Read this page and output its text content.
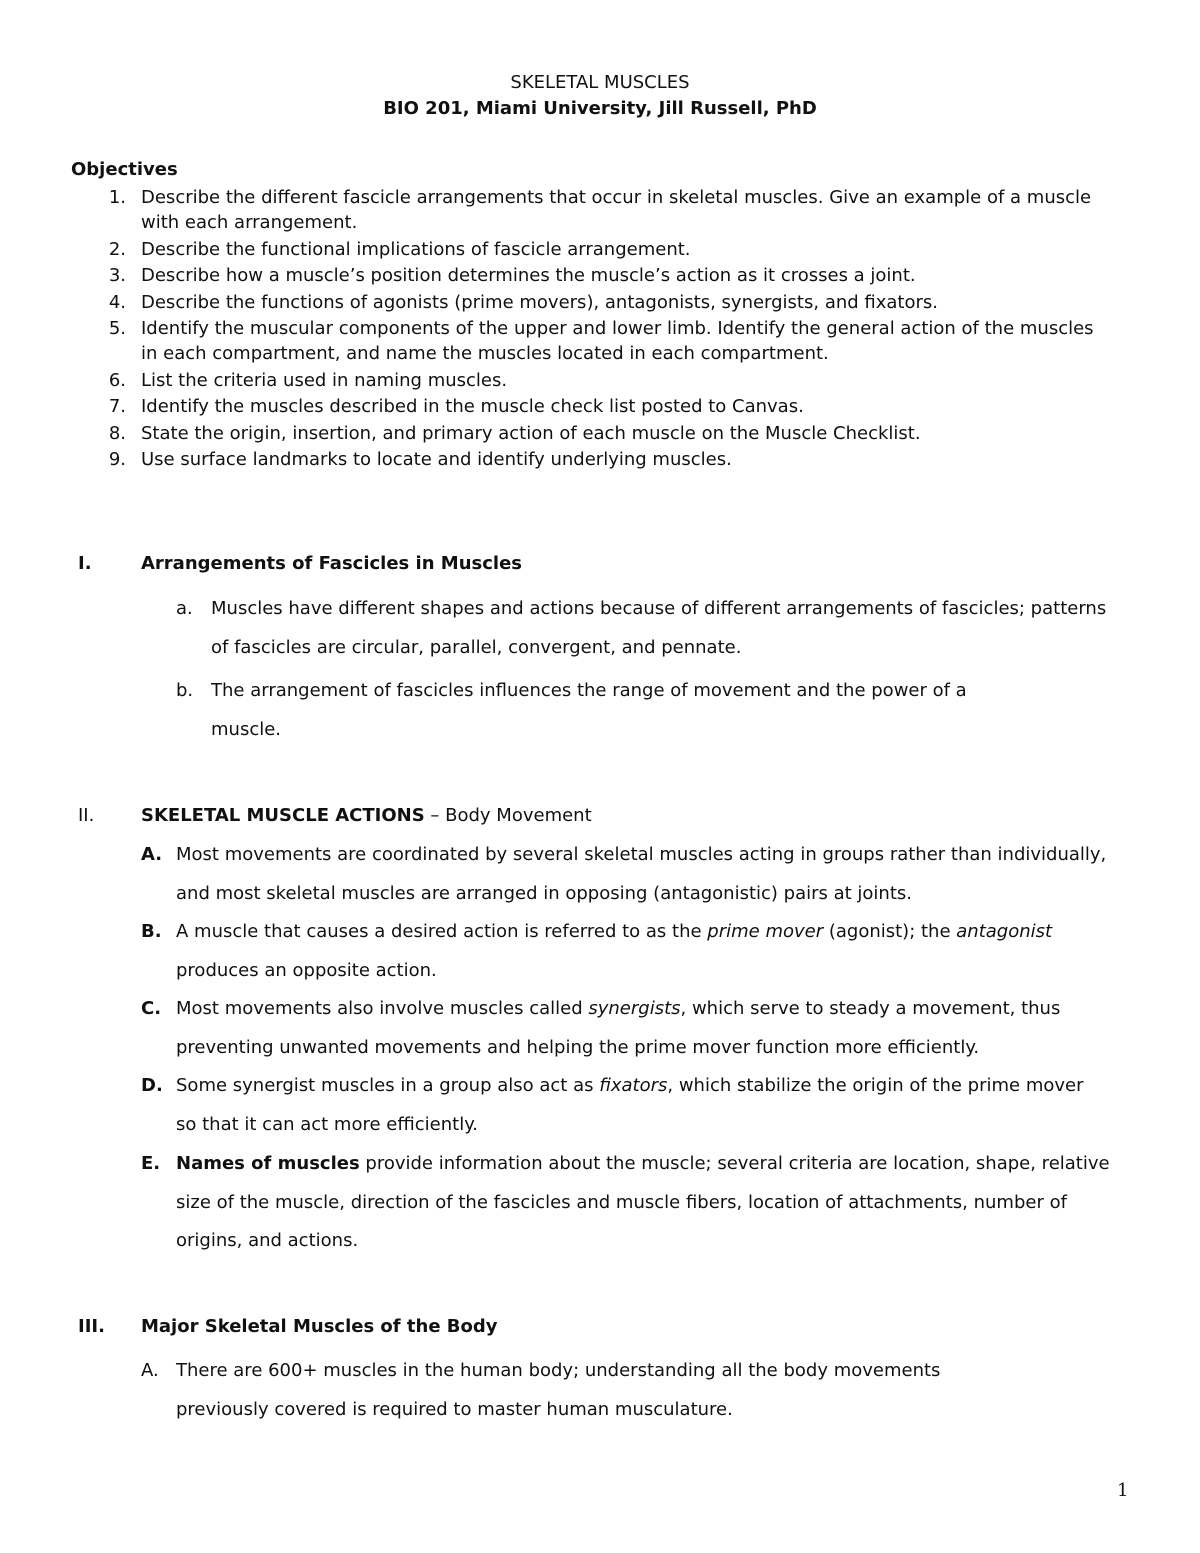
SKELETAL MUSCLES
BIO 201, Miami University, Jill Russell, PhD
Objectives
1 .	Describe the different fascicle arrangements that occur in skeletal muscles. Give an example of a muscle with each arrangement.
2 .	Describe the functional implications of fascicle arrangement.
3 .	Describe how a muscle’s position determines the muscle’s action as it crosses a joint.
4 .	Describe the functions of agonists (prime movers), antagonists, synergists, and fixators.
5 .	Identify the muscular components of the upper and lower limb. Identify the general action of the muscles in each compartment, and name the muscles located in each compartment.
6 .	List the criteria used in naming muscles.
7 .	Identify the muscles described in the muscle check list posted to Canvas.
8 .	State the origin, insertion, and primary action of each muscle on the Muscle Checklist.
9 .	Use surface landmarks to locate and identify underlying muscles.
I.	Arrangements of Fascicles in Muscles
a. Muscles have different shapes and actions because of different arrangements of fascicles; patterns of fascicles are circular, parallel, convergent, and pennate.
b. The arrangement of fascicles influences the range of movement and the power of a muscle.
II.	SKELETAL MUSCLE ACTIONS – Body Movement
A. Most movements are coordinated by several skeletal muscles acting in groups rather than individually, and most skeletal muscles are arranged in opposing (antagonistic) pairs at joints.
B. A muscle that causes a desired action is referred to as the prime mover (agonist); the antagonist produces an opposite action.
C. Most movements also involve muscles called synergists, which serve to steady a movement, thus preventing unwanted movements and helping the prime mover function more efficiently.
D. Some synergist muscles in a group also act as fixators, which stabilize the origin of the prime mover so that it can act more efficiently.
E. Names of muscles provide information about the muscle; several criteria are location, shape, relative size of the muscle, direction of the fascicles and muscle fibers, location of attachments, number of origins, and actions.
III. Major Skeletal Muscles of the Body
A. There are 600+ muscles in the human body; understanding all the body movements previously covered is required to master human musculature.
1
